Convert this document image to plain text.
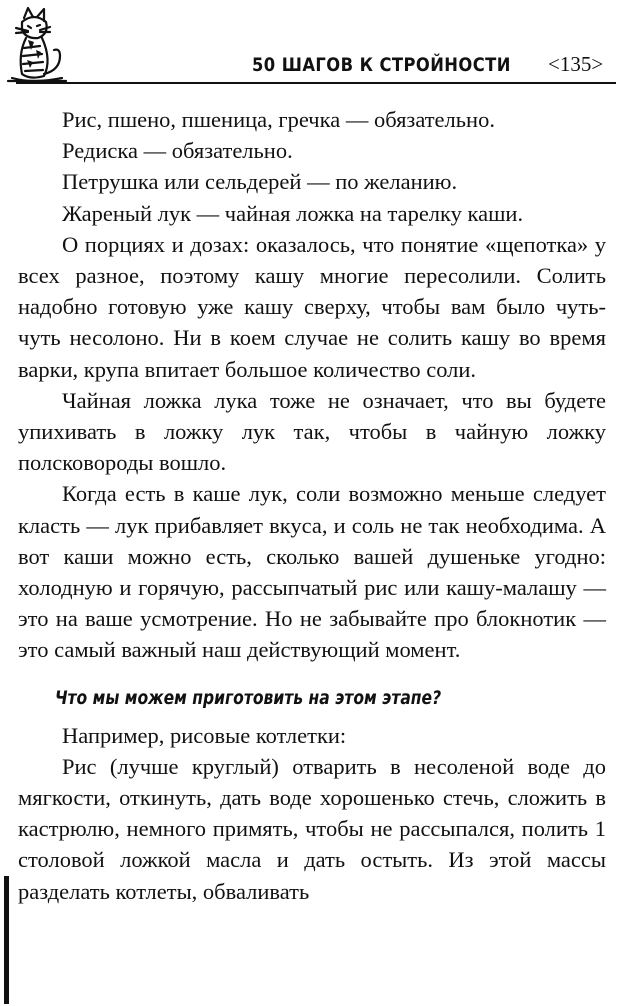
50 ШАГОВ К СТРОЙНОСТИ <135>

Рис, пшено, пшеница, гречка — обязательно.

Редиска — обязательно.

Петрушка или сельдерей — по желанию.

Жареный лук — чайная ложка на тарелку каши.

О порциях и дозах: оказалось, что понятие «щепотка» у всех разное, поэтому кашу многие пересолили. Солить надобно готовую уже кашу сверху, чтобы вам было чуть-чуть несолоно. Ни в коем случае не солить кашу во время варки, крупа впитает большое количество соли.

Чайная ложка лука тоже не означает, что вы будете упихивать в ложку лук так, чтобы в чайную ложку полсковороды вошло.

Когда есть в каше лук, соли возможно меньше следует класть — лук прибавляет вкуса, и соль не так необходима. А вот каши можно есть, сколько вашей душеньке угодно: холодную и горячую, рассыпчатый рис или кашу-малашу — это на ваше усмотрение. Но не забывайте про блокнотик — это самый важный наш действующий момент.

Что мы можем приготовить на этом этапе?

Например, рисовые котлетки:

Рис (лучше круглый) отварить в несоленой воде до мягкости, откинуть, дать воде хорошенько стечь, сложить в кастрюлю, немного примять, чтобы не рассыпался, полить 1 столовой ложкой масла и дать остыть. Из этой массы разделать котлеты, обваливать
